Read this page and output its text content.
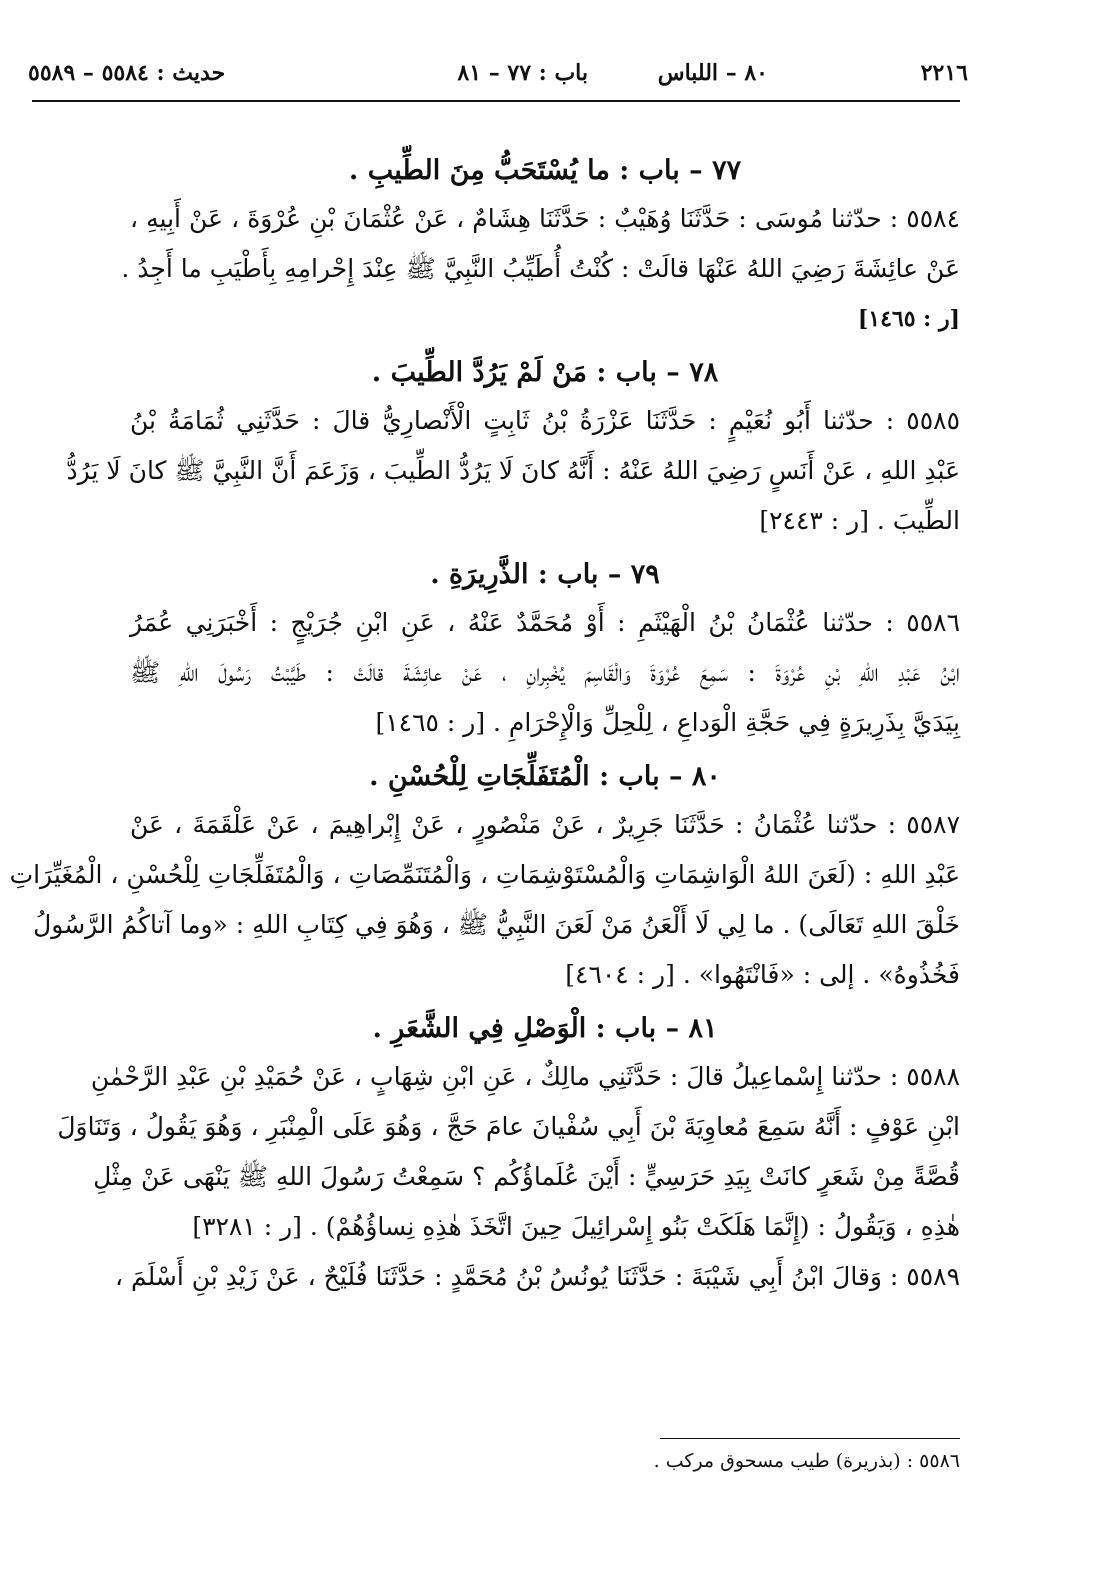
٢٢١٦
٨٠ – اللباس
باب : ٧٧ – ٨١
حديث : ٥٥٨٤ – ٥٥٨٩
٧٧ – باب : ما يُسْتَحَبُّ مِنَ الطِّيبِ .
٥٥٨٤ : حدّثنا مُوسَى : حَدَّثَنَا وُهَيْبٌ : حَدَّثَنَا هِشَامٌ ، عَنْ عُثْمَانَ بْنِ عُرْوَةَ ، عَنْ أَبِيهِ ،
عَنْ عائِشَةَ رَضِيَ اللهُ عَنْهَا قالَتْ : كُنْتُ أُطَيِّبُ النَّبِيَّ ﷺ عِنْدَ إِحْرامِهِ بِأَطْيَبِ ما أَجِدُ .
[ر : ١٤٦٥]
٧٨ – باب : مَنْ لَمْ يَرُدَّ الطِّيبَ .
٥٥٨٥ : حدّثنا أَبُو نُعَيْمٍ : حَدَّثَنَا عَزْرَةُ بْنُ ثَابِتٍ الْأَنْصارِيُّ قالَ : حَدَّثَنِي ثُمَامَةُ بْنُ
عَبْدِ اللهِ ، عَنْ أَنَسٍ رَضِيَ اللهُ عَنْهُ : أَنَّهُ كانَ لَا يَرُدُّ الطِّيبَ ، وَزَعَمَ أَنَّ النَّبِيَّ ﷺ كانَ لَا يَرُدُّ
الطِّيبَ . [ر : ٢٤٤٣]
٧٩ – باب : الذَّرِيرَةِ .
٥٥٨٦ : حدّثنا عُثْمَانُ بْنُ الْهَيْثَمِ : أَوْ مُحَمَّدٌ عَنْهُ ، عَنِ ابْنِ جُرَيْجٍ : أَخْبَرَنِي عُمَرُ
ابْنُ عَبْدِ اللهِ بْنِ عُرْوَةَ : سَمِعَ عُرْوَةَ وَالْقَاسِمَ يُخْبِرانِ ، عَنْ عائِشَةَ قالَتْ : طَيَّبْتُ رَسُولَ اللهِ ﷺ
بِيَدَيَّ بِذَرِيرَةٍ فِي حَجَّةِ الْوَداعِ ، لِلْحِلِّ وَالْإِحْرَامِ . [ر : ١٤٦٥]
٨٠ – باب : الْمُتَفَلِّجَاتِ لِلْحُسْنِ .
٥٥٨٧ : حدّثنا عُثْمَانُ : حَدَّثَنَا جَرِيرٌ ، عَنْ مَنْصُورٍ ، عَنْ إِبْراهِيمَ ، عَنْ عَلْقَمَةَ ، عَنْ
عَبْدِ اللهِ : (لَعَنَ اللهُ الْوَاشِمَاتِ وَالْمُسْتَوْشِمَاتِ ، وَالْمُتَنَمِّصَاتِ ، وَالْمُتَفَلِّجَاتِ لِلْحُسْنِ ، الْمُغَيِّرَاتِ
خَلْقَ اللهِ تَعَالَى) . ما لِي لَا أَلْعَنُ مَنْ لَعَنَ النَّبِيُّ ﷺ ، وَهُوَ فِي كِتَابِ اللهِ : «وما آتاكُمُ الرَّسُولُ
فَخُذُوهُ» . إلى : «فَانْتَهُوا» . [ر : ٤٦٠٤]
٨١ – باب : الْوَصْلِ فِي الشَّعَرِ .
٥٥٨٨ : حدّثنا إِسْماعِيلُ قالَ : حَدَّثَنِي مالِكٌ ، عَنِ ابْنِ شِهَابٍ ، عَنْ حُمَيْدِ بْنِ عَبْدِ الرَّحْمٰنِ
ابْنِ عَوْفٍ : أَنَّهُ سَمِعَ مُعاوِيَةَ بْنَ أَبِي سُفْيانَ عامَ حَجَّ ، وَهُوَ عَلَى الْمِنْبَرِ ، وَهُوَ يَقُولُ ، وَتَنَاوَلَ
قُصَّةً مِنْ شَعَرٍ كانَتْ بِيَدِ حَرَسِيٍّ : أَيْنَ عُلَماؤُكُم ؟ سَمِعْتُ رَسُولَ اللهِ ﷺ يَنْهَى عَنْ مِثْلِ
هٰذِهِ ، وَيَقُولُ : (إِنَّمَا هَلَكَتْ بَنُو إِسْرائِيلَ حِينَ اتَّخَذَ هٰذِهِ نِساؤُهُمْ) . [ر : ٣٢٨١]
٥٥٨٩ : وَقالَ ابْنُ أَبِي شَيْبَةَ : حَدَّثَنَا يُونُسُ بْنُ مُحَمَّدٍ : حَدَّثَنَا فُلَيْحٌ ، عَنْ زَيْدِ بْنِ أَسْلَمَ ،
٥٥٨٦ : (بذريرة) طيب مسحوق مركب .
